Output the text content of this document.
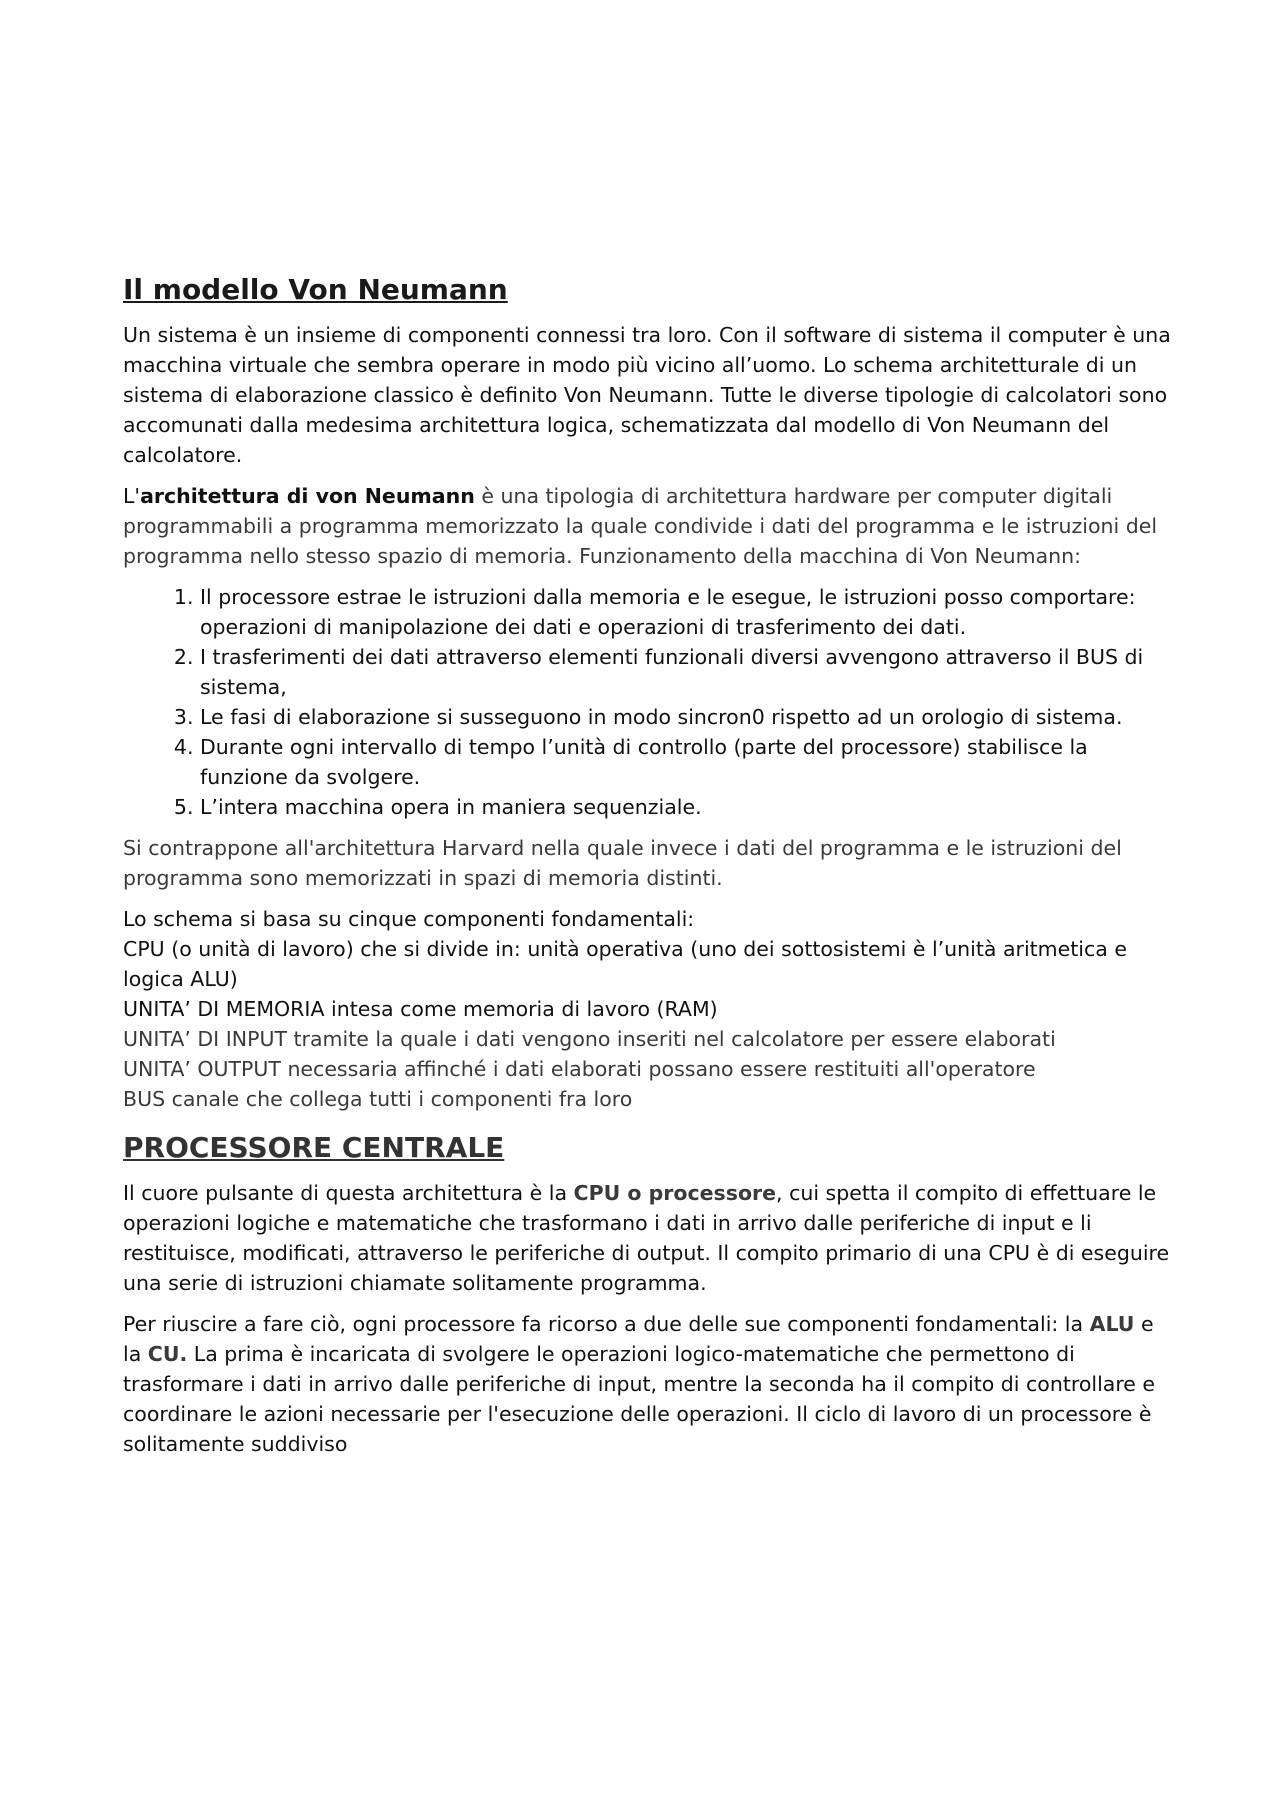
Il modello Von Neumann

Un sistema è un insieme di componenti connessi tra loro. Con il software di sistema il computer è una macchina virtuale che sembra operare in modo più vicino all’uomo. Lo schema architetturale di un sistema di elaborazione classico è definito Von Neumann. Tutte le diverse tipologie di calcolatori sono accomunati dalla medesima architettura logica, schematizzata dal modello di Von Neumann del calcolatore.

L'architettura di von Neumann è una tipologia di architettura hardware per computer digitali programmabili a programma memorizzato la quale condivide i dati del programma e le istruzioni del programma nello stesso spazio di memoria. Funzionamento della macchina di Von Neumann:

1. Il processore estrae le istruzioni dalla memoria e le esegue, le istruzioni posso comportare: operazioni di manipolazione dei dati e operazioni di trasferimento dei dati.
2. I trasferimenti dei dati attraverso elementi funzionali diversi avvengono attraverso il BUS di sistema,
3. Le fasi di elaborazione si susseguono in modo sincron0 rispetto ad un orologio di sistema.
4. Durante ogni intervallo di tempo l’unità di controllo (parte del processore) stabilisce la funzione da svolgere.
5. L’intera macchina opera in maniera sequenziale.

Si contrappone all'architettura Harvard nella quale invece i dati del programma e le istruzioni del programma sono memorizzati in spazi di memoria distinti.

Lo schema si basa su cinque componenti fondamentali:

CPU (o unità di lavoro) che si divide in: unità operativa (uno dei sottosistemi è l’unità aritmetica e logica ALU)

UNITA’ DI MEMORIA intesa come memoria di lavoro (RAM)

UNITA’ DI INPUT tramite la quale i dati vengono inseriti nel calcolatore per essere elaborati

UNITA’ OUTPUT necessaria affinché i dati elaborati possano essere restituiti all'operatore

BUS canale che collega tutti i componenti fra loro

PROCESSORE CENTRALE

Il cuore pulsante di questa architettura è la CPU o processore, cui spetta il compito di effettuare le operazioni logiche e matematiche che trasformano i dati in arrivo dalle periferiche di input e li restituisce, modificati, attraverso le periferiche di output. Il compito primario di una CPU è di eseguire una serie di istruzioni chiamate solitamente programma.

Per riuscire a fare ciò, ogni processore fa ricorso a due delle sue componenti fondamentali: la ALU e la CU. La prima è incaricata di svolgere le operazioni logico-matematiche che permettono di trasformare i dati in arrivo dalle periferiche di input, mentre la seconda ha il compito di controllare e coordinare le azioni necessarie per l'esecuzione delle operazioni. Il ciclo di lavoro di un processore è solitamente suddiviso
